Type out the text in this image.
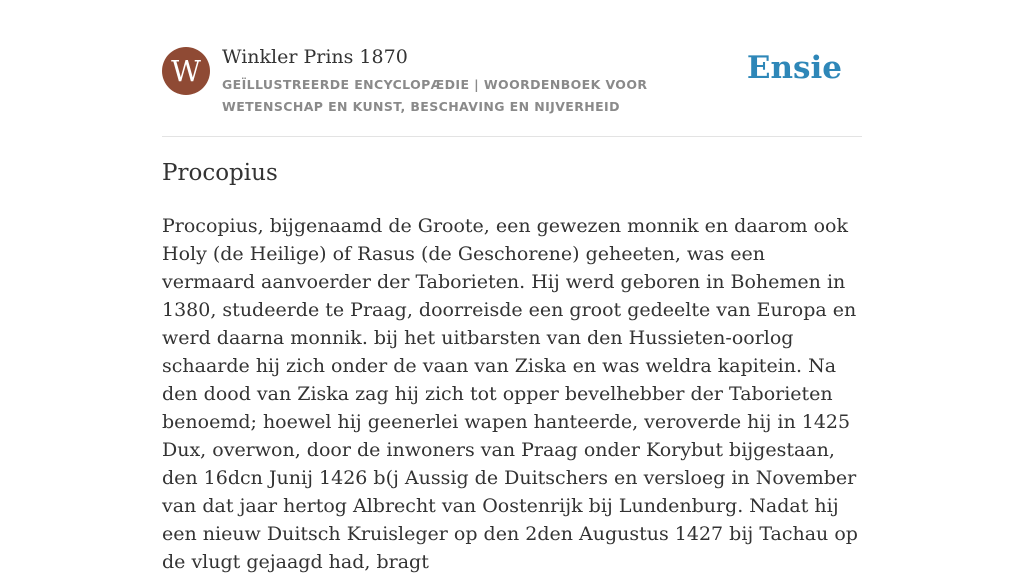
W	Winkler Prins 1870
GEÏLLUSTREERDE ENCYCLOPÆDIE | WOORDENBOEK VOOR WETENSCHAP EN KUNST, BESCHAVING EN NIJVERHEID
Ensie
Procopius

Procopius, bijgenaamd de Groote, een gewezen monnik en daarom ook Holy (de Heilige) of Rasus (de Geschorene) geheeten, was een vermaard aanvoerder der Taborieten. Hij werd geboren in Bohemen in 1380, studeerde te Praag, doorreisde een groot gedeelte van Europa en werd daarna monnik. bij het uitbarsten van den Hussieten-oorlog schaarde hij zich onder de vaan van Ziska en was weldra kapitein. Na den dood van Ziska zag hij zich tot opper bevelhebber der Taborieten benoemd; hoewel hij geenerlei wapen hanteerde, veroverde hij in 1425 Dux, overwon, door de inwoners van Praag onder Korybut bijgestaan, den 16dcn Junij 1426 b(j Aussig de Duitschers en versloeg in November van dat jaar hertog Albrecht van Oostenrijk bij Lundenburg. Nadat hij een nieuw Duitsch Kruisleger op den 2den Augustus 1427 bij Tachau op de vlugt gejaagd had, bragt
